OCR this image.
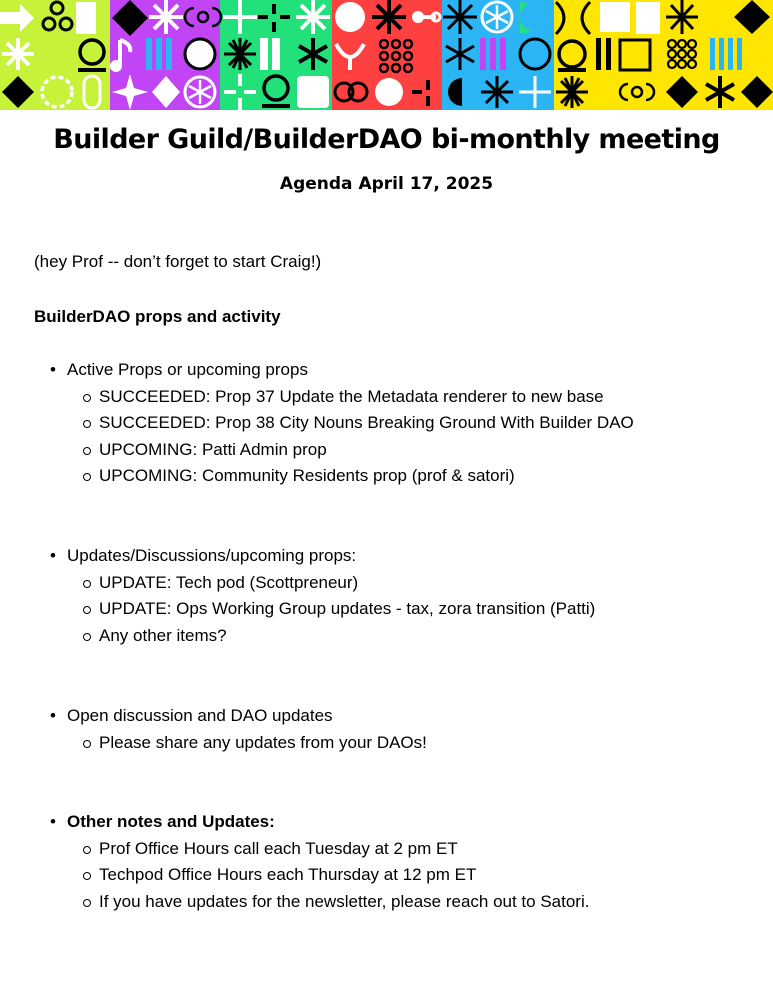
Builder Guild/BuilderDAO bi-monthly meeting

Agenda April 17, 2025

(hey Prof -- don’t forget to start Craig!)

BuilderDAO props and activity

• Active Props or upcoming props
SUCCEEDED: Prop 37 Update the Metadata renderer to new base
SUCCEEDED: Prop 38 City Nouns Breaking Ground With Builder DAO
UPCOMING: Patti Admin prop
UPCOMING: Community Residents prop (prof & satori)
• Updates/Discussions/upcoming props:
UPDATE: Tech pod (Scottpreneur)
UPDATE: Ops Working Group updates - tax, zora transition (Patti)
Any other items?
• Open discussion and DAO updates
Please share any updates from your DAOs!
• Other notes and Updates:
Prof Office Hours call each Tuesday at 2 pm ET
Techpod Office Hours each Thursday at 12 pm ET
If you have updates for the newsletter, please reach out to Satori.
